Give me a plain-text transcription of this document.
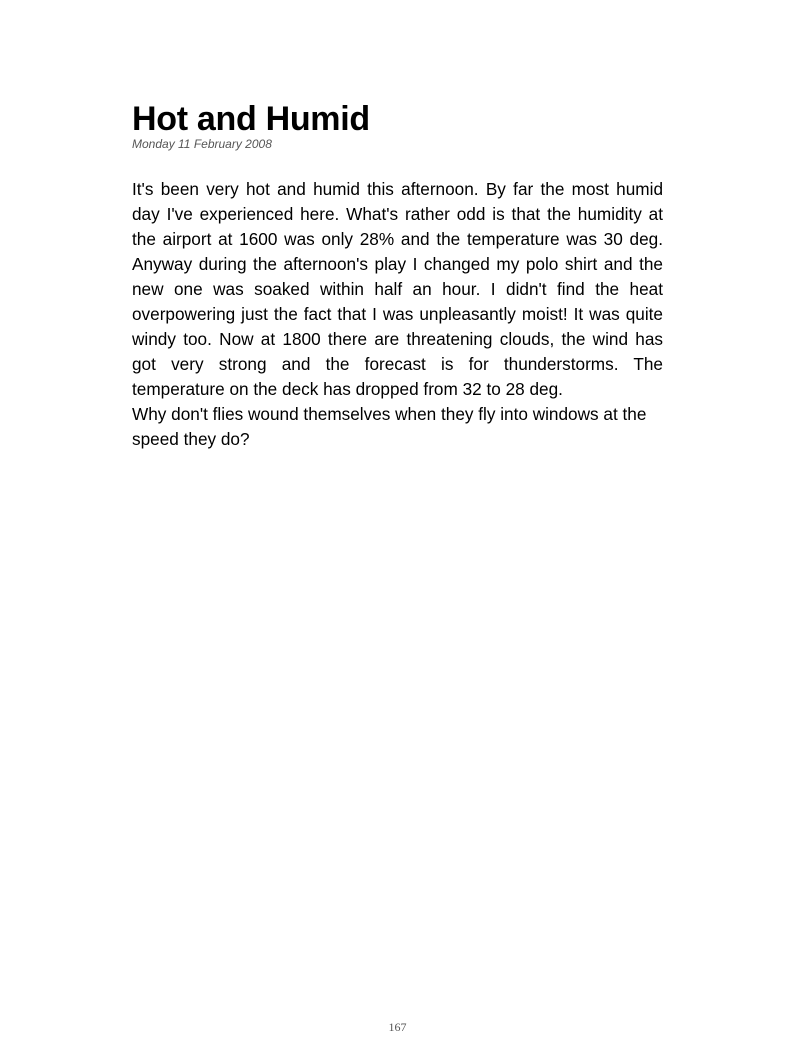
Hot and Humid
Monday 11 February 2008

It's been very hot and humid this afternoon. By far the most humid day I've experienced here. What's rather odd is that the humidity at the airport at 1600 was only 28% and the temperature was 30 deg. Anyway during the afternoon's play I changed my polo shirt and the new one was soaked within half an hour. I didn't find the heat overpowering just the fact that I was unpleasantly moist! It was quite windy too. Now at 1800 there are threatening clouds, the wind has got very strong and the forecast is for thunderstorms. The temperature on the deck has dropped from 32 to 28 deg.

Why don't flies wound themselves when they fly into windows at the speed they do?

167
